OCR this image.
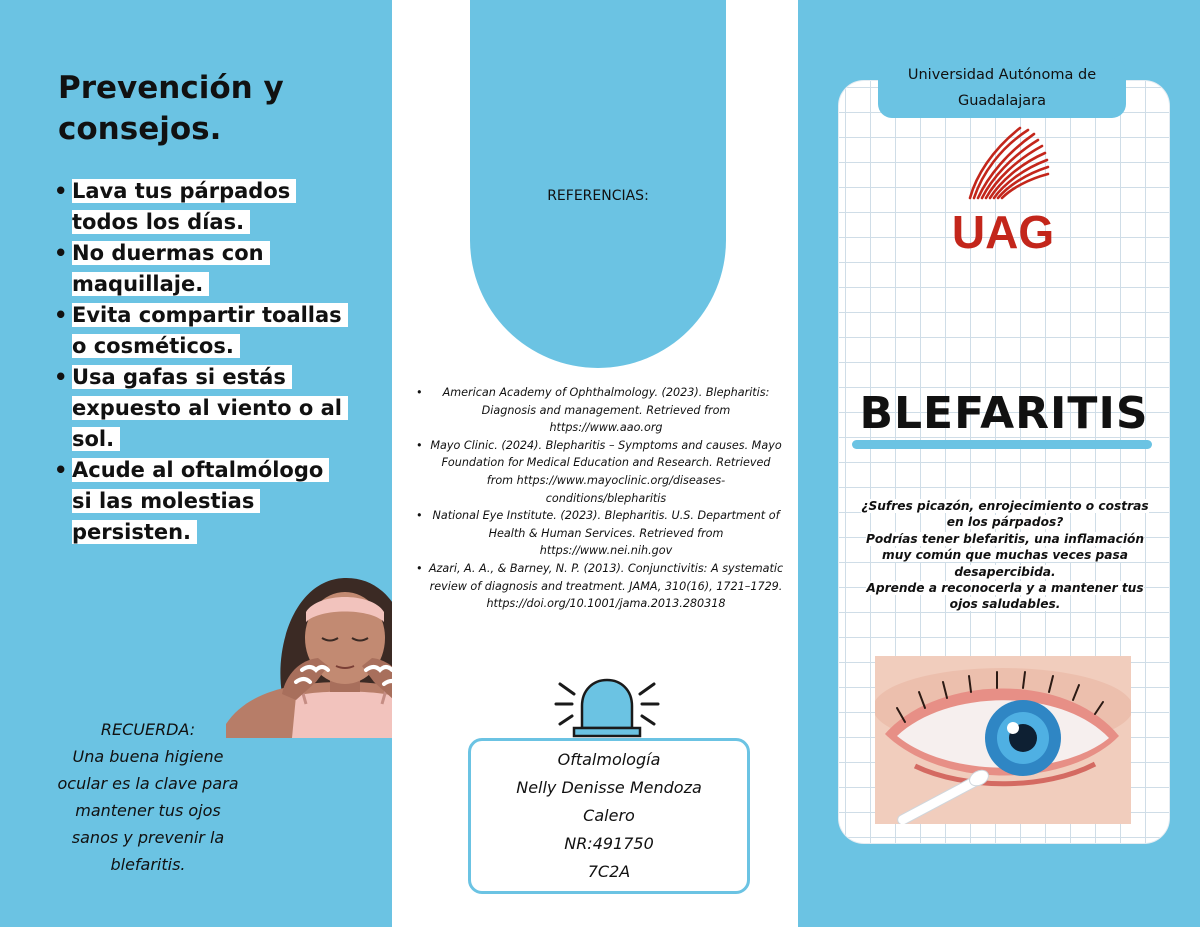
Prevención y
consejos.
• Lava tus párpados todos los días.
• No duermas con maquillaje.
• Evita compartir toallas o cosméticos.
• Usa gafas si estás expuesto al viento o al sol.
• Acude al oftalmólogo si las molestias persisten.
RECUERDA:
Una buena higiene
ocular es la clave para
mantener tus ojos
sanos y prevenir la
blefaritis.
REFERENCIAS:
• American Academy of Ophthalmology. (2023). Blepharitis: Diagnosis and management. Retrieved from https://www.aao.org
• Mayo Clinic. (2024). Blepharitis – Symptoms and causes. Mayo Foundation for Medical Education and Research. Retrieved from https://www.mayoclinic.org/diseases-conditions/blepharitis
• National Eye Institute. (2023). Blepharitis. U.S. Department of Health & Human Services. Retrieved from https://www.nei.nih.gov
• Azari, A. A., & Barney, N. P. (2013). Conjunctivitis: A systematic review of diagnosis and treatment. JAMA, 310(16), 1721–1729. https://doi.org/10.1001/jama.2013.280318
Oftalmología
Nelly Denisse Mendoza
Calero
NR:491750
7C2A
Universidad Autónoma de
Guadalajara
UAG
BLEFARITIS
¿Sufres picazón, enrojecimiento o costras
en los párpados?
Podrías tener blefaritis, una inflamación
muy común que muchas veces pasa
desapercibida.
Aprende a reconocerla y a mantener tus
ojos saludables.
